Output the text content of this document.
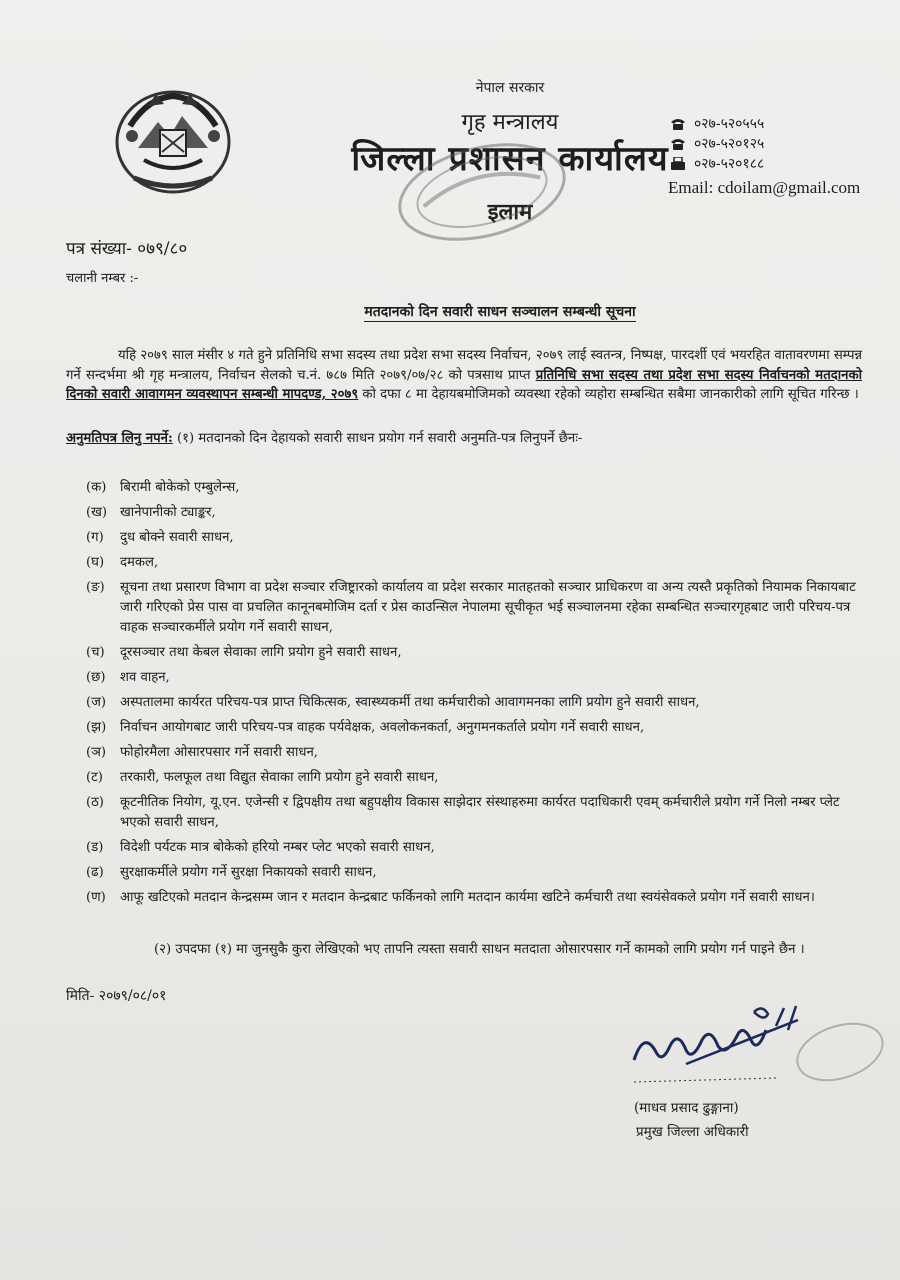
नेपाल सरकार
गृह मन्त्रालय
जिल्ला प्रशासन कार्यालय
इलाम
०२७-५२०५५५
०२७-५२०१२५
०२७-५२०१८८
Email: cdoilam@gmail.com
पत्र संख्या- ०७९/८०
चलानी नम्बर :-
मतदानको दिन सवारी साधन सञ्चालन सम्बन्धी सूचना
यहि २०७९ साल मंसीर ४ गते हुने प्रतिनिधि सभा सदस्य तथा प्रदेश सभा सदस्य निर्वाचन, २०७९ लाई स्वतन्त्र, निष्पक्ष, पारदर्शी एवं भयरहित वातावरणमा सम्पन्न गर्ने सन्दर्भमा श्री गृह मन्त्रालय, निर्वाचन सेलको च.नं. ७८७ मिति २०७९/०७/२८ को पत्रसाथ प्राप्त प्रतिनिधि सभा सदस्य तथा प्रदेश सभा सदस्य निर्वाचनको मतदानको दिनको सवारी आवागमन व्यवस्थापन सम्बन्धी मापदण्ड, २०७९ को दफा ८ मा देहायबमोजिमको व्यवस्था रहेको व्यहोरा सम्बन्धित सबैमा जानकारीको लागि सूचित गरिन्छ ।
अनुमतिपत्र लिनु नपर्ने: (१) मतदानको दिन देहायको सवारी साधन प्रयोग गर्न सवारी अनुमति-पत्र लिनुपर्ने छैनः-
(क)	बिरामी बोकेको एम्बुलेन्स,
(ख) खानेपानीको ट्याङ्कर,
(ग)	दुध बोक्ने सवारी साधन,
(घ)	दमकल,
(ङ)	सूचना तथा प्रसारण विभाग वा प्रदेश सञ्चार रजिष्ट्रारको कार्यालय वा प्रदेश सरकार मातहतको सञ्चार प्राधिकरण वा अन्य त्यस्तै प्रकृतिको नियामक निकायबाट जारी गरिएको प्रेस पास वा प्रचलित कानूनबमोजिम दर्ता र प्रेस काउन्सिल नेपालमा सूचीकृत भई सञ्चालनमा रहेका सम्बन्धित सञ्चारगृहबाट जारी परिचय-पत्र वाहक सञ्चारकर्मीले प्रयोग गर्ने सवारी साधन,
(च)	दूरसञ्चार तथा केबल सेवाका लागि प्रयोग हुने सवारी साधन,
(छ)	शव वाहन,
(ज)	अस्पतालमा कार्यरत परिचय-पत्र प्राप्त चिकित्सक, स्वास्थ्यकर्मी तथा कर्मचारीको आवागमनका लागि प्रयोग हुने सवारी साधन,
(झ)	निर्वाचन आयोगबाट जारी परिचय-पत्र वाहक पर्यवेक्षक, अवलोकनकर्ता, अनुगमनकर्ताले प्रयोग गर्ने सवारी साधन,
(ञ)	फोहोरमैला ओसारपसार गर्ने सवारी साधन,
(ट)	तरकारी, फलफूल तथा विद्युत सेवाका लागि प्रयोग हुने सवारी साधन,
(ठ)	कूटनीतिक नियोग, यू.एन. एजेन्सी र द्विपक्षीय तथा बहुपक्षीय विकास साझेदार संस्थाहरुमा कार्यरत पदाधिकारी एवम् कर्मचारीले प्रयोग गर्ने निलो नम्बर प्लेट भएको सवारी साधन,
(ड)	विदेशी पर्यटक मात्र बोकेको हरियो नम्बर प्लेट भएको सवारी साधन,
(ढ)	सुरक्षाकर्मीले प्रयोग गर्ने सुरक्षा निकायको सवारी साधन,
(ण)	आफू खटिएको मतदान केन्द्रसम्म जान र मतदान केन्द्रबाट फर्किनको लागि मतदान कार्यमा खटिने कर्मचारी तथा स्वयंसेवकले प्रयोग गर्ने सवारी साधन।
(२) उपदफा (१) मा जुनसुकै कुरा लेखिएको भए तापनि त्यस्ता सवारी साधन मतदाता ओसारपसार गर्ने कामको लागि प्रयोग गर्न पाइने छैन ।
मिति- २०७९/०८/०१
(माधव प्रसाद ढुङ्गाना)
प्रमुख जिल्ला अधिकारी
